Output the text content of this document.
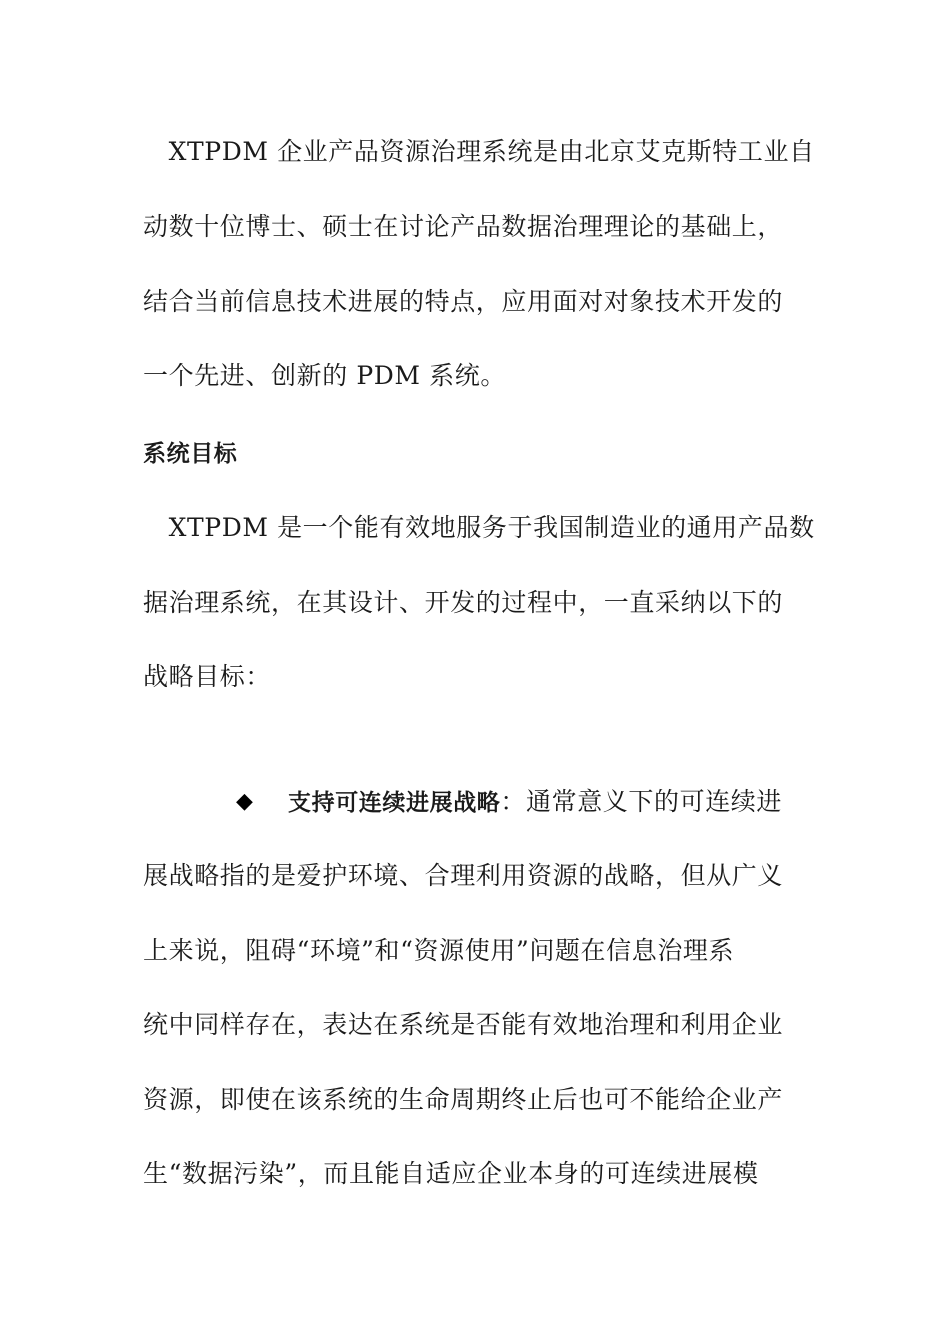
　XTPDM 企业产品资源治理系统是由北京艾克斯特工业自
动数十位博士、硕士在讨论产品数据治理理论的基础上，
结合当前信息技术进展的特点，应用面对对象技术开发的
一个先进、创新的 PDM 系统。
系统目标
　XTPDM 是一个能有效地服务于我国制造业的通用产品数
据治理系统，在其设计、开发的过程中，一直采纳以下的
战略目标：
◆ 支持可连续进展战略：通常意义下的可连续进
展战略指的是爱护环境、合理利用资源的战略，但从广义
上来说，阻碍“环境”和“资源使用”问题在信息治理系
统中同样存在，表达在系统是否能有效地治理和利用企业
资源，即使在该系统的生命周期终止后也可不能给企业产
生“数据污染”，而且能自适应企业本身的可连续进展模
